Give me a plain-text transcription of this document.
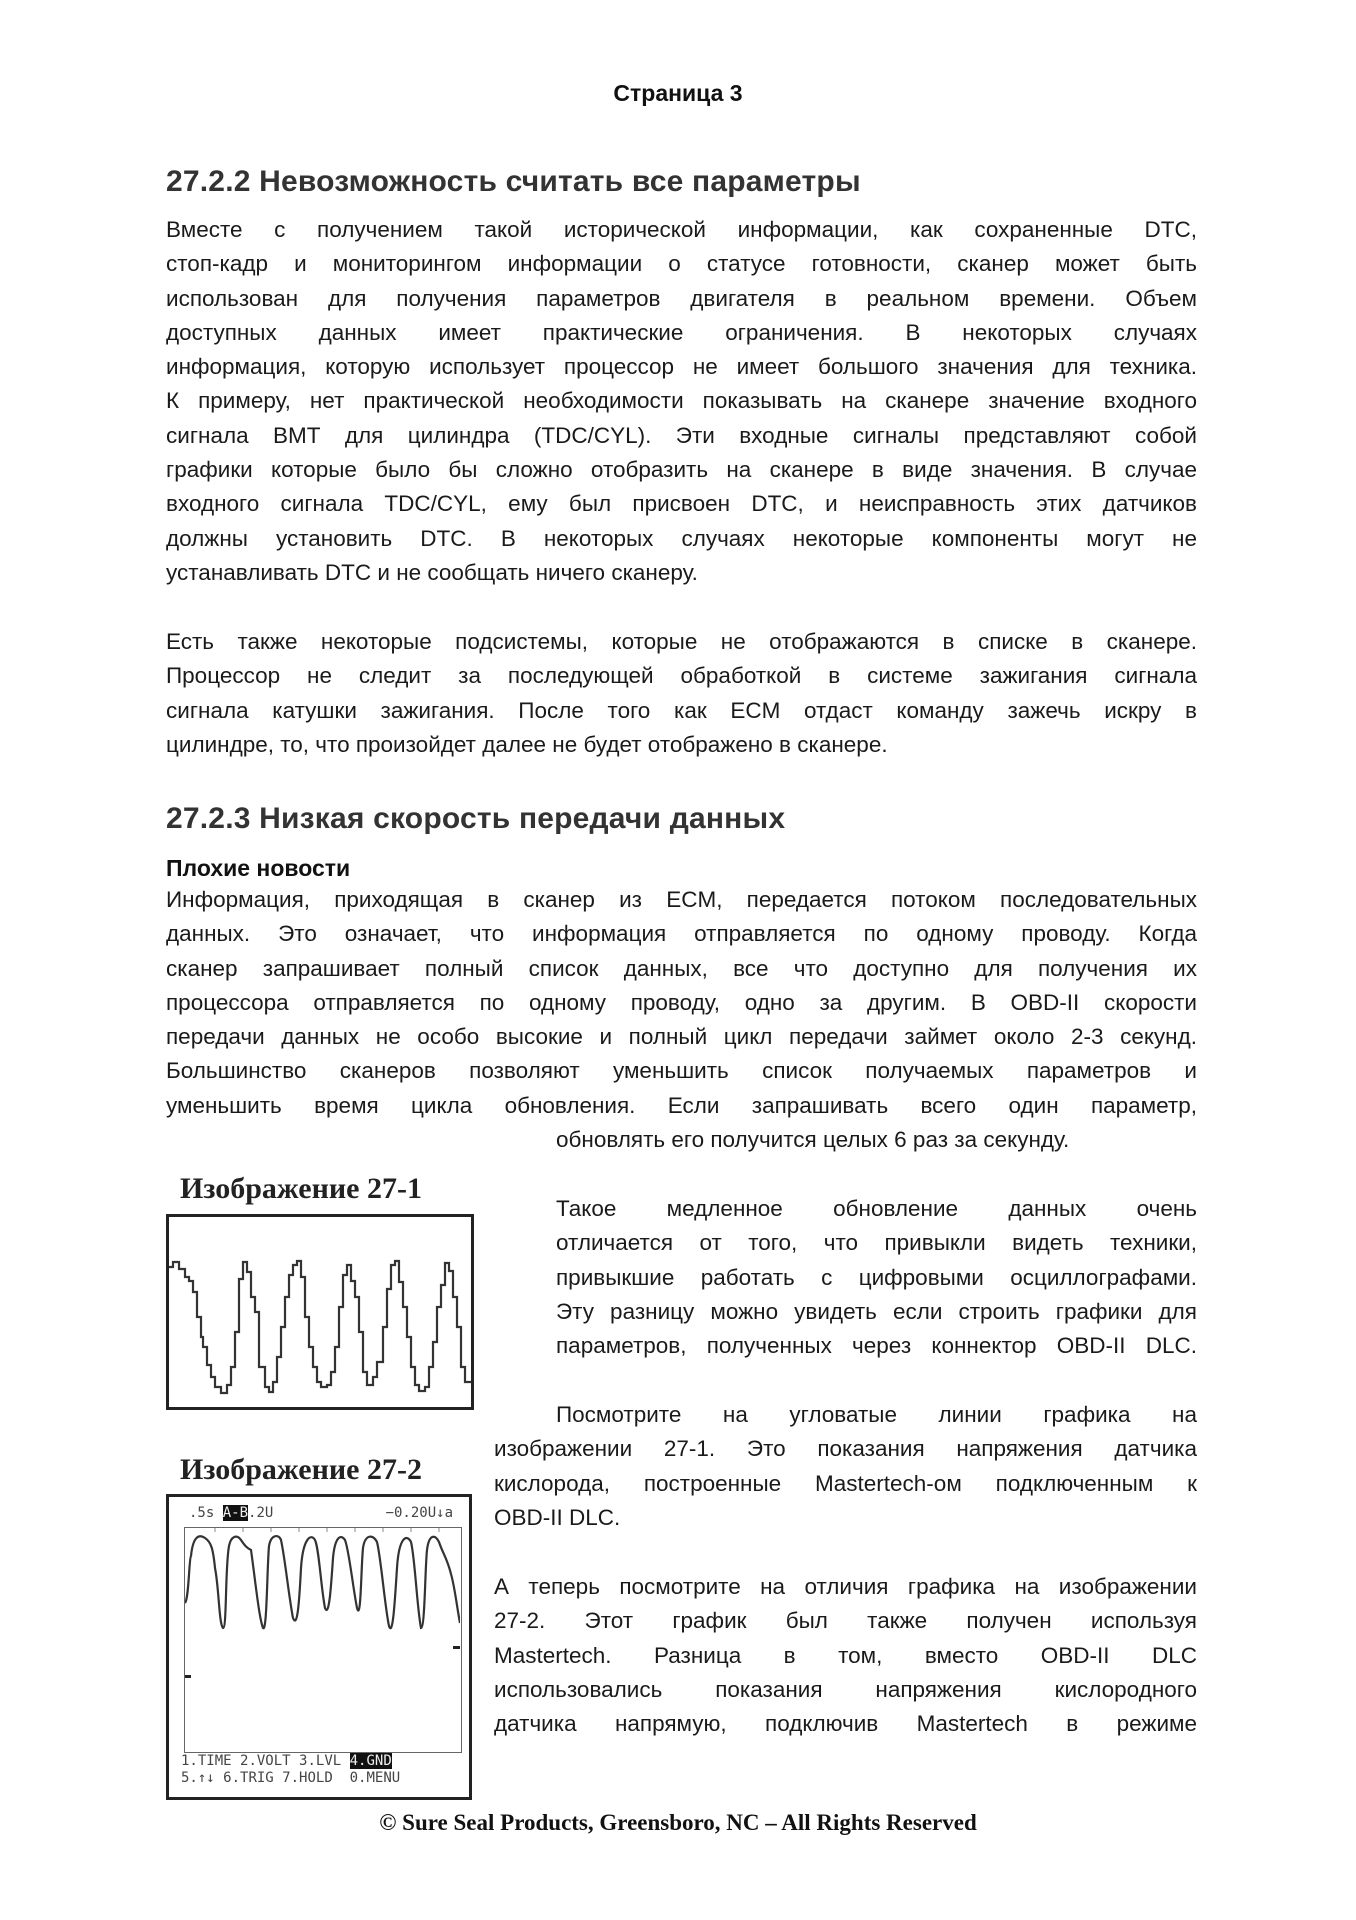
Страница 3
27.2.2 Невозможность считать все параметры
Вместе с получением такой исторической информации, как сохраненные DTC,
стоп-кадр и мониторингом информации о статусе готовности, сканер может быть
использован для получения параметров двигателя в реальном времени. Объем
доступных данных имеет практические ограничения. В некоторых случаях
информация, которую использует процессор не имеет большого значения для техника.
К примеру, нет практической необходимости показывать на сканере значение входного
сигнала ВМТ для цилиндра (TDC/CYL). Эти входные сигналы представляют собой
графики которые было бы сложно отобразить на сканере в виде значения. В случае
входного сигнала TDC/CYL, ему был присвоен DTC, и неисправность этих датчиков
должны установить DTC. В некоторых случаях некоторые компоненты могут не
устанавливать DTC и не сообщать ничего сканеру.
Есть также некоторые подсистемы, которые не отображаются в списке в сканере.
Процессор не следит за последующей обработкой в системе зажигания сигнала
сигнала катушки зажигания. После того как ECM отдаст команду зажечь искру в
цилиндре, то, что произойдет далее не будет отображено в сканере.
27.2.3 Низкая скорость передачи данных
Плохие новости
Информация, приходящая в сканер из ECM, передается потоком последовательных
данных. Это означает, что информация отправляется по одному проводу. Когда
сканер запрашивает полный список данных, все что доступно для получения их
процессора отправляется по одному проводу, одно за другим. В OBD-II скорости
передачи данных не особо высокие и полный цикл передачи займет около 2-3 секунд.
Большинство сканеров позволяют уменьшить список получаемых параметров и
уменьшить время цикла обновления. Если запрашивать всего один параметр,
обновлять его получится целых 6 раз за секунду.
Такое медленное обновление данных очень
отличается от того, что привыкли видеть техники,
привыкшие работать с цифровыми осциллографами.
Эту разницу можно увидеть если строить графики для
параметров, полученных через коннектор OBD-II DLC.
Посмотрите на угловатые линии графика на
изображении 27-1. Это показания напряжения датчика
кислорода, построенные Mastertech-ом подключенным к
OBD-II DLC.
А теперь посмотрите на отличия графика на изображении
27-2. Этот график был также получен используя
Mastertech. Разница в том, вместо OBD-II DLC
использовались показания напряжения кислородного
датчика напрямую, подключив Mastertech в режиме
Изображение 27-1
Изображение 27-2
.5s A-B.2U	−0.20U↓a
1.TIME 2.VOLT 3.LVL 4.GND
5.↑↓ 6.TRIG 7.HOLD 0.MENU
© Sure Seal Products, Greensboro, NC – All Rights Reserved
